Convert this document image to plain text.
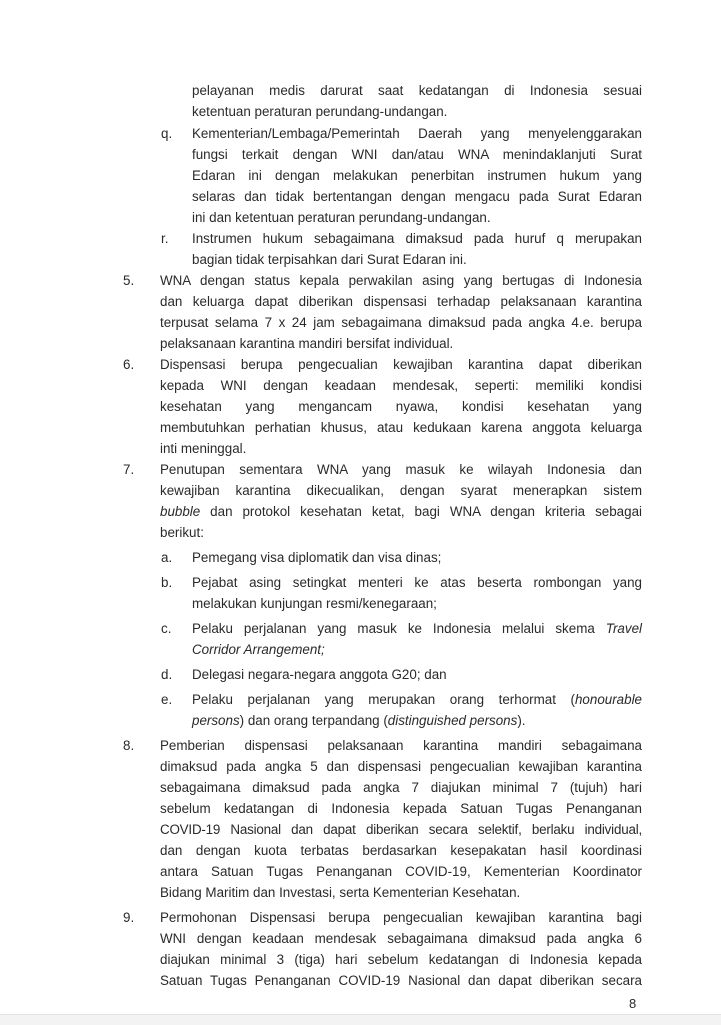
pelayanan medis darurat saat kedatangan di Indonesia sesuai
ketentuan peraturan perundang-undangan.
q. Kementerian/Lembaga/Pemerintah Daerah yang menyelenggarakan
fungsi terkait dengan WNI dan/atau WNA menindaklanjuti Surat
Edaran ini dengan melakukan penerbitan instrumen hukum yang
selaras dan tidak bertentangan dengan mengacu pada Surat Edaran
ini dan ketentuan peraturan perundang-undangan.
r. Instrumen hukum sebagaimana dimaksud pada huruf q merupakan
bagian tidak terpisahkan dari Surat Edaran ini.
5. WNA dengan status kepala perwakilan asing yang bertugas di Indonesia
dan keluarga dapat diberikan dispensasi terhadap pelaksanaan karantina
terpusat selama 7 x 24 jam sebagaimana dimaksud pada angka 4.e. berupa
pelaksanaan karantina mandiri bersifat individual.
6. Dispensasi berupa pengecualian kewajiban karantina dapat diberikan
kepada WNI dengan keadaan mendesak, seperti: memiliki kondisi
kesehatan yang mengancam nyawa, kondisi kesehatan yang
membutuhkan perhatian khusus, atau kedukaan karena anggota keluarga
inti meninggal.
7. Penutupan sementara WNA yang masuk ke wilayah Indonesia dan
kewajiban karantina dikecualikan, dengan syarat menerapkan sistem
bubble dan protokol kesehatan ketat, bagi WNA dengan kriteria sebagai
berikut:
a. Pemegang visa diplomatik dan visa dinas;
b. Pejabat asing setingkat menteri ke atas beserta rombongan yang
melakukan kunjungan resmi/kenegaraan;
c. Pelaku perjalanan yang masuk ke Indonesia melalui skema Travel
Corridor Arrangement;
d. Delegasi negara-negara anggota G20; dan
e. Pelaku perjalanan yang merupakan orang terhormat (honourable
persons) dan orang terpandang (distinguished persons).
8. Pemberian dispensasi pelaksanaan karantina mandiri sebagaimana
dimaksud pada angka 5 dan dispensasi pengecualian kewajiban karantina
sebagaimana dimaksud pada angka 7 diajukan minimal 7 (tujuh) hari
sebelum kedatangan di Indonesia kepada Satuan Tugas Penanganan
COVID-19 Nasional dan dapat diberikan secara selektif, berlaku individual,
dan dengan kuota terbatas berdasarkan kesepakatan hasil koordinasi
antara Satuan Tugas Penanganan COVID-19, Kementerian Koordinator
Bidang Maritim dan Investasi, serta Kementerian Kesehatan.
9. Permohonan Dispensasi berupa pengecualian kewajiban karantina bagi
WNI dengan keadaan mendesak sebagaimana dimaksud pada angka 6
diajukan minimal 3 (tiga) hari sebelum kedatangan di Indonesia kepada
Satuan Tugas Penanganan COVID-19 Nasional dan dapat diberikan secara
8
